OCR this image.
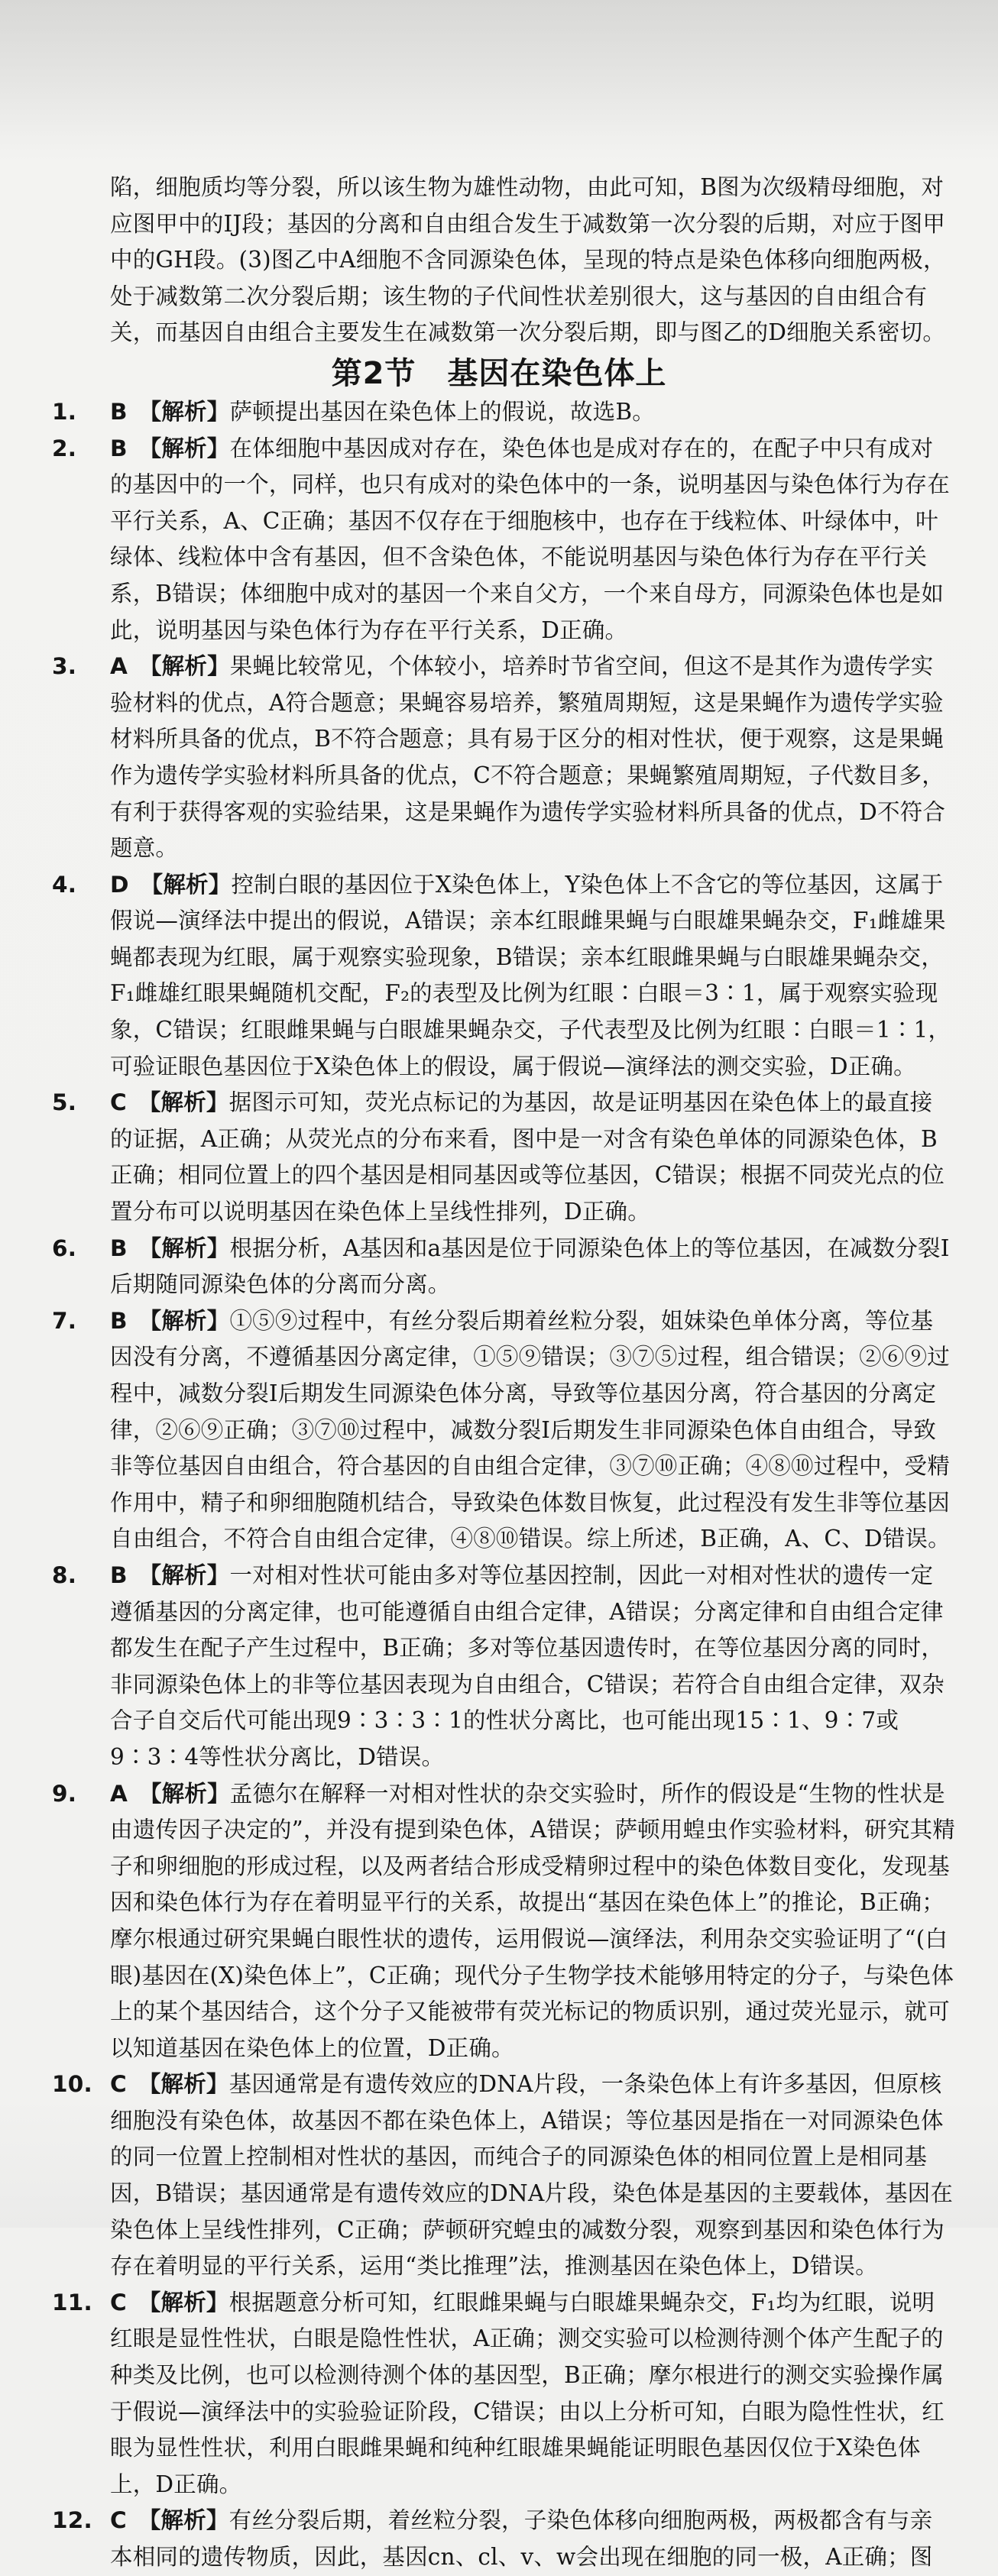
陷，细胞质均等分裂，所以该生物为雄性动物，由此可知，B图为次级精母细胞，对应图甲中的IJ段；基因的分离和自由组合发生于减数第一次分裂的后期，对应于图甲中的GH段。(3)图乙中A细胞不含同源染色体，呈现的特点是染色体移向细胞两极，处于减数第二次分裂后期；该生物的子代间性状差别很大，这与基因的自由组合有关，而基因自由组合主要发生在减数第一次分裂后期，即与图乙的D细胞关系密切。

第2节　基因在染色体上

1. B　 【解析】萨顿提出基因在染色体上的假说，故选B。

2. B　 【解析】在体细胞中基因成对存在，染色体也是成对存在的，在配子中只有成对的基因中的一个，同样，也只有成对的染色体中的一条，说明基因与染色体行为存在平行关系，A、C正确；基因不仅存在于细胞核中，也存在于线粒体、叶绿体中，叶绿体、线粒体中含有基因，但不含染色体，不能说明基因与染色体行为存在平行关系，B错误；体细胞中成对的基因一个来自父方，一个来自母方，同源染色体也是如此，说明基因与染色体行为存在平行关系，D正确。

3. A　 【解析】果蝇比较常见，个体较小，培养时节省空间，但这不是其作为遗传学实验材料的优点，A符合题意；果蝇容易培养，繁殖周期短，这是果蝇作为遗传学实验材料所具备的优点，B不符合题意；具有易于区分的相对性状，便于观察，这是果蝇作为遗传学实验材料所具备的优点，C不符合题意；果蝇繁殖周期短，子代数目多，有利于获得客观的实验结果，这是果蝇作为遗传学实验材料所具备的优点，D不符合题意。

4. D　 【解析】控制白眼的基因位于X染色体上，Y染色体上不含它的等位基因，这属于假说—演绎法中提出的假说，A错误；亲本红眼雌果蝇与白眼雄果蝇杂交，F₁雌雄果蝇都表现为红眼，属于观察实验现象，B错误；亲本红眼雌果蝇与白眼雄果蝇杂交，F₁雌雄红眼果蝇随机交配，F₂的表型及比例为红眼∶白眼＝3∶1，属于观察实验现象，C错误；红眼雌果蝇与白眼雄果蝇杂交，子代表型及比例为红眼∶白眼＝1∶1，可验证眼色基因位于X染色体上的假设，属于假说—演绎法的测交实验，D正确。

5. C　 【解析】据图示可知，荧光点标记的为基因，故是证明基因在染色体上的最直接的证据，A正确；从荧光点的分布来看，图中是一对含有染色单体的同源染色体，B正确；相同位置上的四个基因是相同基因或等位基因，C错误；根据不同荧光点的位置分布可以说明基因在染色体上呈线性排列，D正确。

6. B　 【解析】根据分析，A基因和a基因是位于同源染色体上的等位基因，在减数分裂Ⅰ后期随同源染色体的分离而分离。

7. B　 【解析】①⑤⑨过程中，有丝分裂后期着丝粒分裂，姐妹染色单体分离，等位基因没有分离，不遵循基因分离定律，①⑤⑨错误；③⑦⑤过程，组合错误；②⑥⑨过程中，减数分裂Ⅰ后期发生同源染色体分离，导致等位基因分离，符合基因的分离定律，②⑥⑨正确；③⑦⑩过程中，减数分裂Ⅰ后期发生非同源染色体自由组合，导致非等位基因自由组合，符合基因的自由组合定律，③⑦⑩正确；④⑧⑩过程中，受精作用中，精子和卵细胞随机结合，导致染色体数目恢复，此过程没有发生非等位基因自由组合，不符合自由组合定律，④⑧⑩错误。综上所述，B正确，A、C、D错误。

8. B　 【解析】一对相对性状可能由多对等位基因控制，因此一对相对性状的遗传一定遵循基因的分离定律，也可能遵循自由组合定律，A错误；分离定律和自由组合定律都发生在配子产生过程中，B正确；多对等位基因遗传时，在等位基因分离的同时，非同源染色体上的非等位基因表现为自由组合，C错误；若符合自由组合定律，双杂合子自交后代可能出现9∶3∶3∶1的性状分离比，也可能出现15∶1、9∶7或9∶3∶4等性状分离比，D错误。

9. A　 【解析】孟德尔在解释一对相对性状的杂交实验时，所作的假设是“生物的性状是由遗传因子决定的”，并没有提到染色体，A错误；萨顿用蝗虫作实验材料，研究其精子和卵细胞的形成过程，以及两者结合形成受精卵过程中的染色体数目变化，发现基因和染色体行为存在着明显平行的关系，故提出“基因在染色体上”的推论，B正确；摩尔根通过研究果蝇白眼性状的遗传，运用假说—演绎法，利用杂交实验证明了“(白眼)基因在(X)染色体上”，C正确；现代分子生物学技术能够用特定的分子，与染色体上的某个基因结合，这个分子又能被带有荧光标记的物质识别，通过荧光显示，就可以知道基因在染色体上的位置，D正确。

10. C　 【解析】基因通常是有遗传效应的DNA片段，一条染色体上有许多基因，但原核细胞没有染色体，故基因不都在染色体上，A错误；等位基因是指在一对同源染色体的同一位置上控制相对性状的基因，而纯合子的同源染色体的相同位置上是相同基因，B错误；基因通常是有遗传效应的DNA片段，染色体是基因的主要载体，基因在染色体上呈线性排列，C正确；萨顿研究蝗虫的减数分裂，观察到基因和染色体行为存在着明显的平行关系，运用“类比推理”法，推测基因在染色体上，D错误。

11. C　 【解析】根据题意分析可知，红眼雌果蝇与白眼雄果蝇杂交，F₁均为红眼，说明红眼是显性性状，白眼是隐性性状，A正确；测交实验可以检测待测个体产生配子的种类及比例，也可以检测待测个体的基因型，B正确；摩尔根进行的测交实验操作属于假说—演绎法中的实验验证阶段，C错误；由以上分析可知，白眼为隐性性状，红眼为显性性状，利用白眼雌果蝇和纯种红眼雄果蝇能证明眼色基因仅位于X染色体上，D正确。

12. C　 【解析】有丝分裂后期，着丝粒分裂，子染色体移向细胞两极，两极都含有与亲本相同的遗传物质，因此，基因cn、cl、v、w会出现在细胞的同一极，A正确；图
